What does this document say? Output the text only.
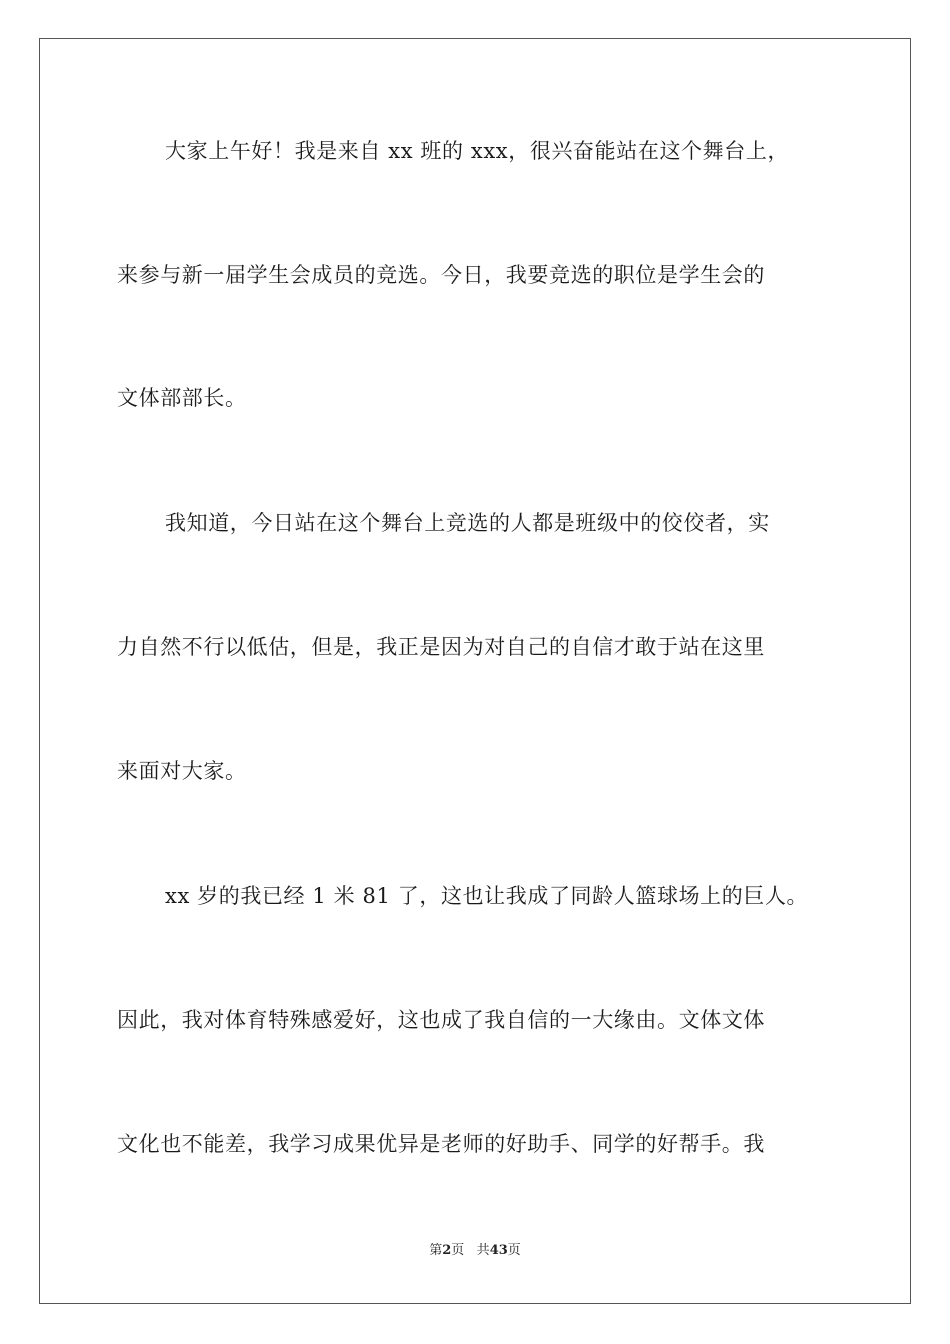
大家上午好！我是来自 xx 班的 xxx，很兴奋能站在这个舞台上，
来参与新一届学生会成员的竞选。今日，我要竞选的职位是学生会的
文体部部长。
我知道，今日站在这个舞台上竞选的人都是班级中的佼佼者，实
力自然不行以低估，但是，我正是因为对自己的自信才敢于站在这里
来面对大家。
xx 岁的我已经 1 米 81 了，这也让我成了同龄人篮球场上的巨人。
因此，我对体育特殊感爱好，这也成了我自信的一大缘由。文体文体
文化也不能差，我学习成果优异是老师的好助手、同学的好帮手。我
第2页 共43页
